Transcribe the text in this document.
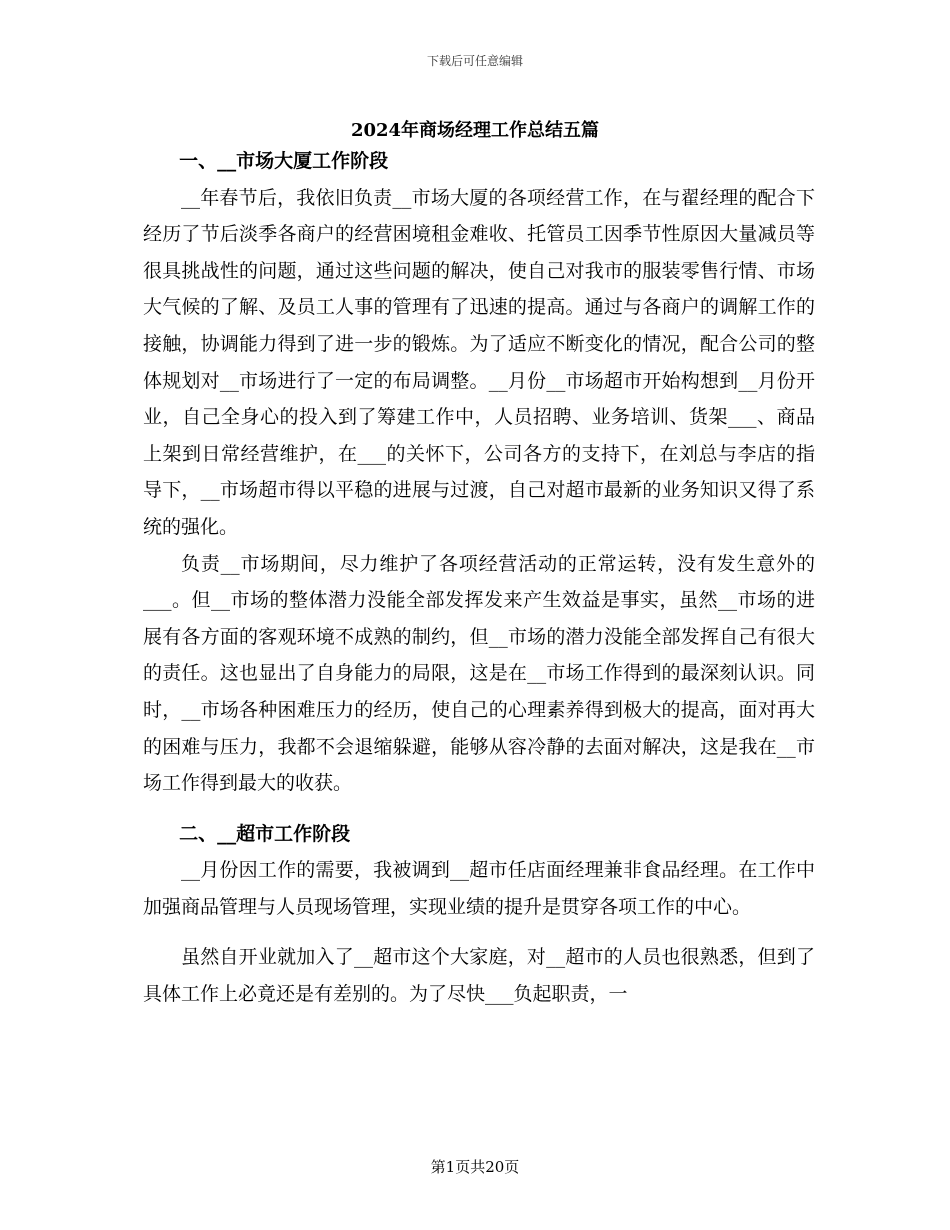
下载后可任意编辑
2024年商场经理工作总结五篇
一、__市场大厦工作阶段

__年春节后，我依旧负责__市场大厦的各项经营工作，在与翟经理的配合下经历了节后淡季各商户的经营困境租金难收、托管员工因季节性原因大量减员等很具挑战性的问题，通过这些问题的解决，使自己对我市的服装零售行情、市场大气候的了解、及员工人事的管理有了迅速的提高。通过与各商户的调解工作的接触，协调能力得到了进一步的锻炼。为了适应不断变化的情况，配合公司的整体规划对__市场进行了一定的布局调整。__月份__市场超市开始构想到__月份开业，自己全身心的投入到了筹建工作中，人员招聘、业务培训、货架___、商品上架到日常经营维护，在___的关怀下，公司各方的支持下，在刘总与李店的指导下，__市场超市得以平稳的进展与过渡，自己对超市最新的业务知识又得了系统的强化。

负责__市场期间，尽力维护了各项经营活动的正常运转，没有发生意外的___。但__市场的整体潜力没能全部发挥发来产生效益是事实，虽然__市场的进展有各方面的客观环境不成熟的制约，但__市场的潜力没能全部发挥自己有很大的责任。这也显出了自身能力的局限，这是在__市场工作得到的最深刻认识。同时，__市场各种困难压力的经历，使自己的心理素养得到极大的提高，面对再大的困难与压力，我都不会退缩躲避，能够从容冷静的去面对解决，这是我在__市场工作得到最大的收获。

二、__超市工作阶段

__月份因工作的需要，我被调到__超市任店面经理兼非食品经理。在工作中加强商品管理与人员现场管理，实现业绩的提升是贯穿各项工作的中心。

虽然自开业就加入了__超市这个大家庭，对__超市的人员也很熟悉，但到了具体工作上必竟还是有差别的。为了尽快___负起职责，一

第1页共20页
